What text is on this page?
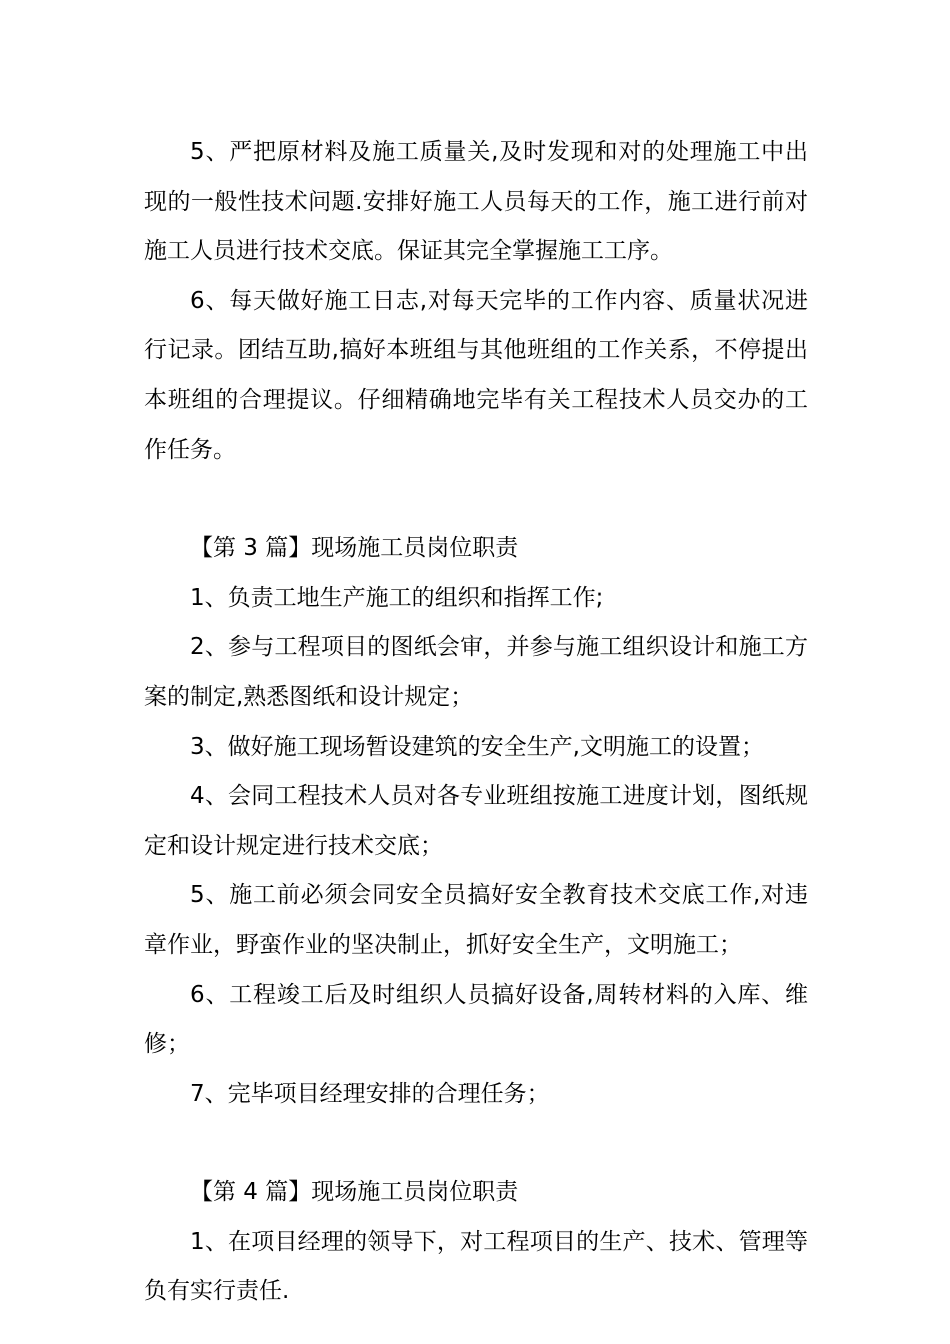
5、严把原材料及施工质量关,及时发现和对的处理施工中出现的一般性技术问题.安排好施工人员每天的工作，施工进行前对施工人员进行技术交底。保证其完全掌握施工工序。

6、每天做好施工日志,对每天完毕的工作内容、质量状况进行记录。团结互助,搞好本班组与其他班组的工作关系，不停提出本班组的合理提议。仔细精确地完毕有关工程技术人员交办的工作任务。

【第 3 篇】现场施工员岗位职责

1、负责工地生产施工的组织和指挥工作;

2、参与工程项目的图纸会审，并参与施工组织设计和施工方案的制定,熟悉图纸和设计规定；

3、做好施工现场暂设建筑的安全生产,文明施工的设置；

4、会同工程技术人员对各专业班组按施工进度计划，图纸规定和设计规定进行技术交底；

5、施工前必须会同安全员搞好安全教育技术交底工作,对违章作业，野蛮作业的坚决制止，抓好安全生产，文明施工；

6、工程竣工后及时组织人员搞好设备,周转材料的入库、维修；

7、完毕项目经理安排的合理任务；

【第 4 篇】现场施工员岗位职责

1、在项目经理的领导下，对工程项目的生产、技术、管理等负有实行责任.
